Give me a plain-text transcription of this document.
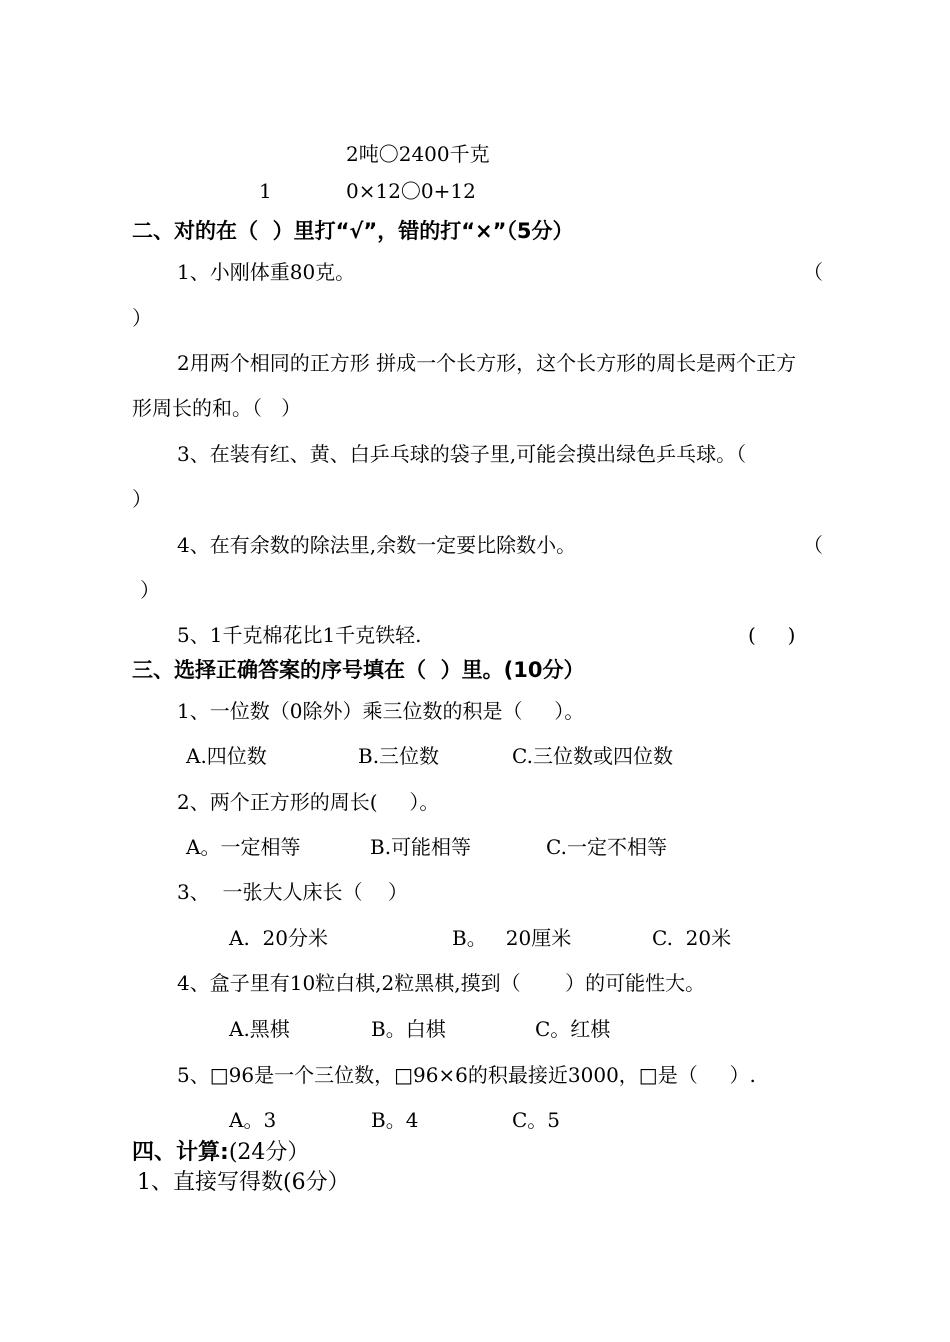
2吨〇2400千克
1	0×12〇0+12
二、对的在（  ）里打“√”，错的打“×”（5分）
1、小刚体重80克。	（
）
2用两个相同的正方形 拼成一个长方形，这个长方形的周长是两个正方
形周长的和。（   ）
3、在装有红、黄、白乒乓球的袋子里,可能会摸出绿色乒乓球。（
）
4、在有余数的除法里,余数一定要比除数小。	（
）
5、1千克棉花比1千克铁轻.	(     )
三、选择正确答案的序号填在（  ）里。(10分）
1、一位数（0除外）乘三位数的积是（     ）。
A.四位数	B.三位数	C.三位数或四位数
2、两个正方形的周长(     ）。
A。一定相等	B.可能相等	C.一定不相等
3、  一张大人床长（    ）
A.  20分米	B。   20厘米	C.  20米
4、盒子里有10粒白棋,2粒黑棋,摸到（       ）的可能性大。
A.黑棋	B。白棋	C。红棋
5、□96是一个三位数，□96×6的积最接近3000，□是（     ）.
A。3	B。4	C。5
四、计算:(24分）
1、直接写得数(6分）
